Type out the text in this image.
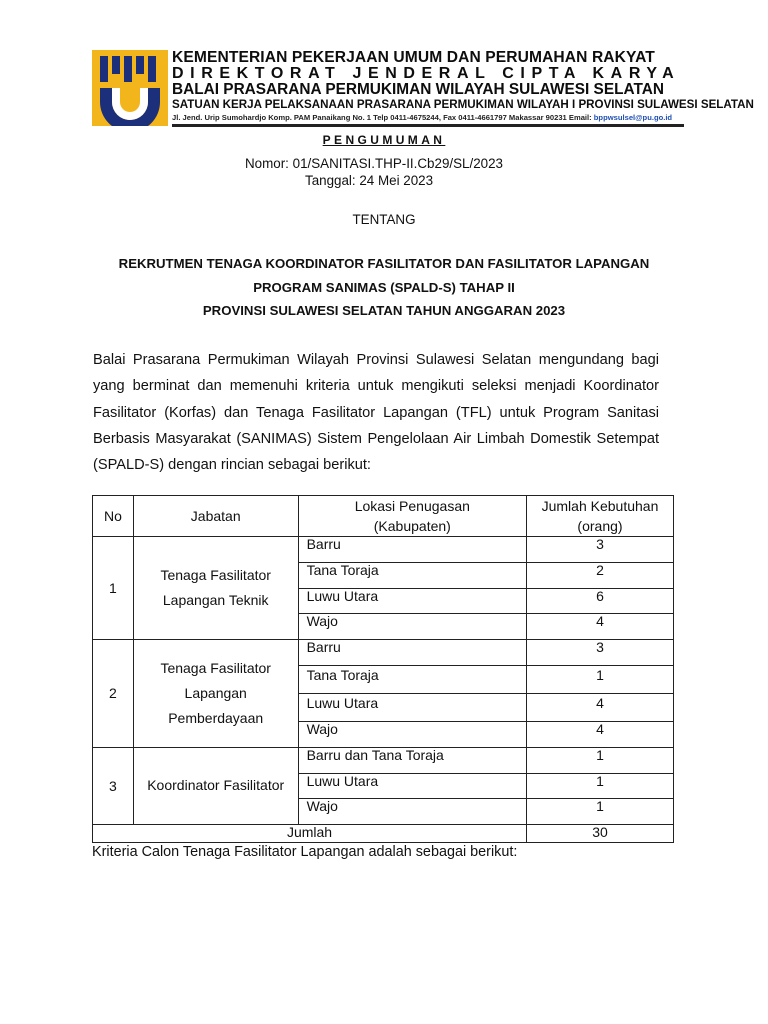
KEMENTERIAN PEKERJAAN UMUM DAN PERUMAHAN RAKYAT
DIREKTORAT JENDERAL CIPTA KARYA
BALAI PRASARANA PERMUKIMAN WILAYAH SULAWESI SELATAN
SATUAN KERJA PELAKSANAAN PRASARANA PERMUKIMAN WILAYAH I PROVINSI SULAWESI SELATAN
Jl. Jend. Urip Sumohardjo Komp. PAM Panaikang No. 1 Telp 0411-4675244, Fax 0411-4661797 Makassar 90231 Email: bppwsulsel@pu.go.id
PENGUMUMAN
Nomor: 01/SANITASI.THP-II.Cb29/SL/2023
Tanggal: 24 Mei 2023
TENTANG
REKRUTMEN TENAGA KOORDINATOR FASILITATOR DAN FASILITATOR LAPANGAN
PROGRAM SANIMAS (SPALD-S) TAHAP II
PROVINSI SULAWESI SELATAN TAHUN ANGGARAN 2023
Balai Prasarana Permukiman Wilayah Provinsi Sulawesi Selatan mengundang bagi yang berminat dan memenuhi kriteria untuk mengikuti seleksi menjadi Koordinator Fasilitator (Korfas) dan Tenaga Fasilitator Lapangan (TFL) untuk Program Sanitasi Berbasis Masyarakat (SANIMAS) Sistem Pengelolaan Air Limbah Domestik Setempat (SPALD-S) dengan rincian sebagai berikut:
No	Jabatan	Lokasi Penugasan (Kabupaten)	Jumlah Kebutuhan (orang)
1	Tenaga Fasilitator Lapangan Teknik	Barru	3
		Tana Toraja	2
		Luwu Utara	6
		Wajo	4
2	Tenaga Fasilitator Lapangan Pemberdayaan	Barru	3
		Tana Toraja	1
		Luwu Utara	4
		Wajo	4
3	Koordinator Fasilitator	Barru dan Tana Toraja	1
		Luwu Utara	1
		Wajo	1
Jumlah			30
Kriteria Calon Tenaga Fasilitator Lapangan adalah sebagai berikut:
